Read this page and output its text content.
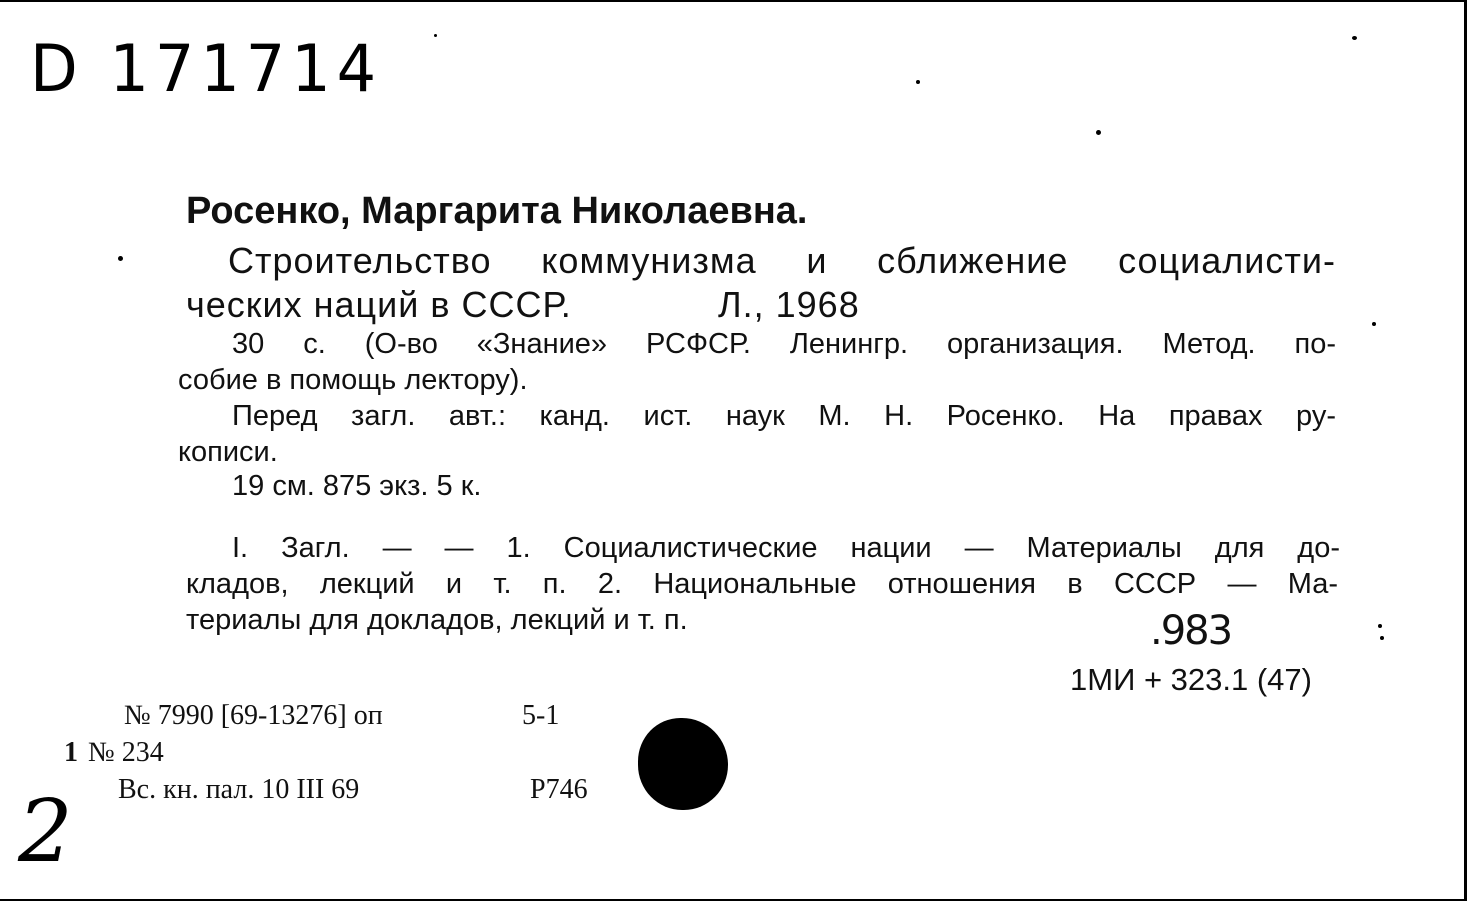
D 171714
Росенко, Маргарита Николаевна.
Строительство коммунизма и сближение социалисти-
ческих наций в СССР.	Л., 1968
30 с. (О-во «Знание» РСФСР. Ленингр. организация. Метод. по-
собие в помощь лектору).
Перед загл. авт.: канд. ист. наук М. Н. Росенко. На правах ру-
кописи.
19 см. 875 экз. 5 к.
I. Загл. — — 1. Социалистические нации — Материалы для до-
кладов, лекций и т. п. 2. Национальные отношения в СССР — Ма-
териалы для докладов, лекций и т. п.	.983
1МИ + 323.1 (47)
№ 7990 [69-13276] оп	5-1
1 № 234
Вс. кн. пал. 10 III 69	Р746
2
